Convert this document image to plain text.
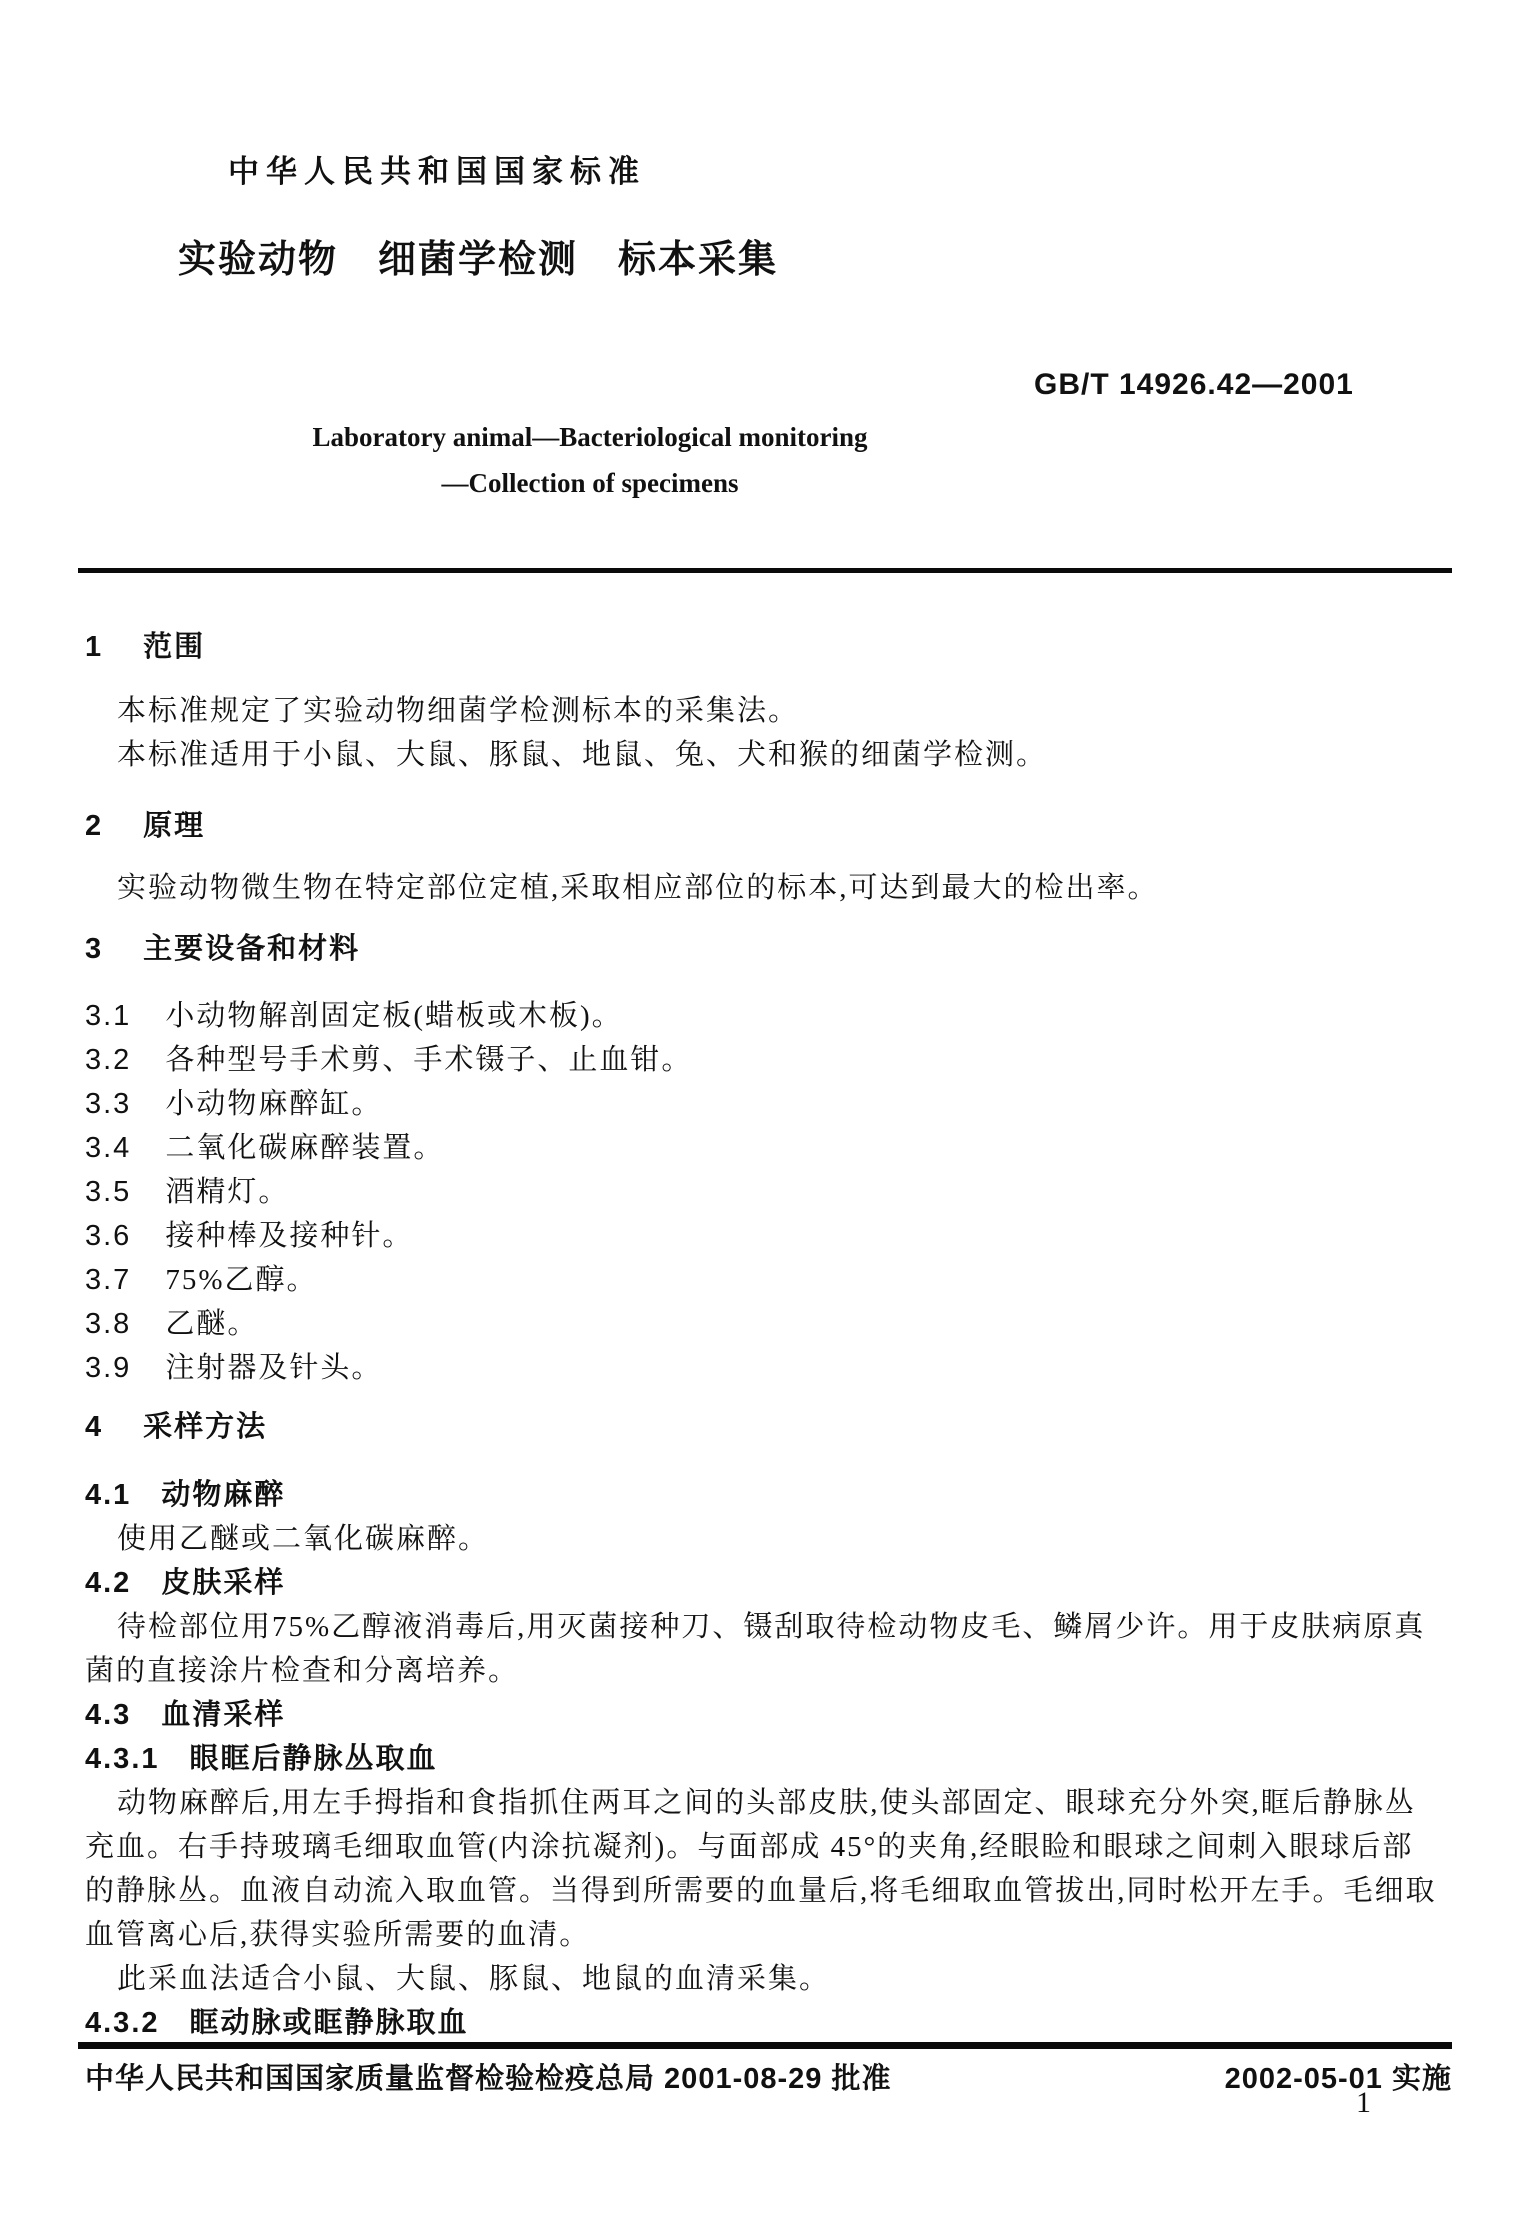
中华人民共和国国家标准
实验动物　细菌学检测　标本采集
GB/T 14926.42—2001
Laboratory animal—Bacteriological monitoring
—Collection of specimens
1 范围
本标准规定了实验动物细菌学检测标本的采集法。
本标准适用于小鼠、大鼠、豚鼠、地鼠、兔、犬和猴的细菌学检测。
2 原理
实验动物微生物在特定部位定植,采取相应部位的标本,可达到最大的检出率。
3 主要设备和材料
3.1 小动物解剖固定板(蜡板或木板)。
3.2 各种型号手术剪、手术镊子、止血钳。
3.3 小动物麻醉缸。
3.4 二氧化碳麻醉装置。
3.5 酒精灯。
3.6 接种棒及接种针。
3.7 75%乙醇。
3.8 乙醚。
3.9 注射器及针头。
4 采样方法
4.1 动物麻醉
使用乙醚或二氧化碳麻醉。
4.2 皮肤采样
待检部位用75%乙醇液消毒后,用灭菌接种刀、镊刮取待检动物皮毛、鳞屑少许。用于皮肤病原真
菌的直接涂片检查和分离培养。
4.3 血清采样
4.3.1 眼眶后静脉丛取血
动物麻醉后,用左手拇指和食指抓住两耳之间的头部皮肤,使头部固定、眼球充分外突,眶后静脉丛
充血。右手持玻璃毛细取血管(内涂抗凝剂)。与面部成 45°的夹角,经眼睑和眼球之间刺入眼球后部
的静脉丛。血液自动流入取血管。当得到所需要的血量后,将毛细取血管拔出,同时松开左手。毛细取
血管离心后,获得实验所需要的血清。
此采血法适合小鼠、大鼠、豚鼠、地鼠的血清采集。
4.3.2 眶动脉或眶静脉取血
中华人民共和国国家质量监督检验检疫总局 2001-08-29 批准	2002-05-01 实施
1
